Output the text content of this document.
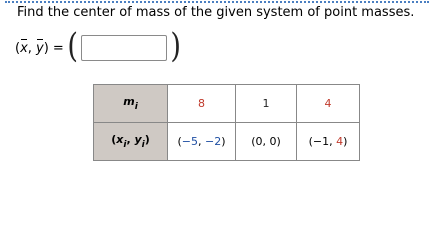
Find the center of mass of the given system of point masses.
(
x,
y) = (	)
$m_i$	8	1	4
($x_i$, $y_i$)	(−5, −2)	(0, 0)	(−1, 4)
